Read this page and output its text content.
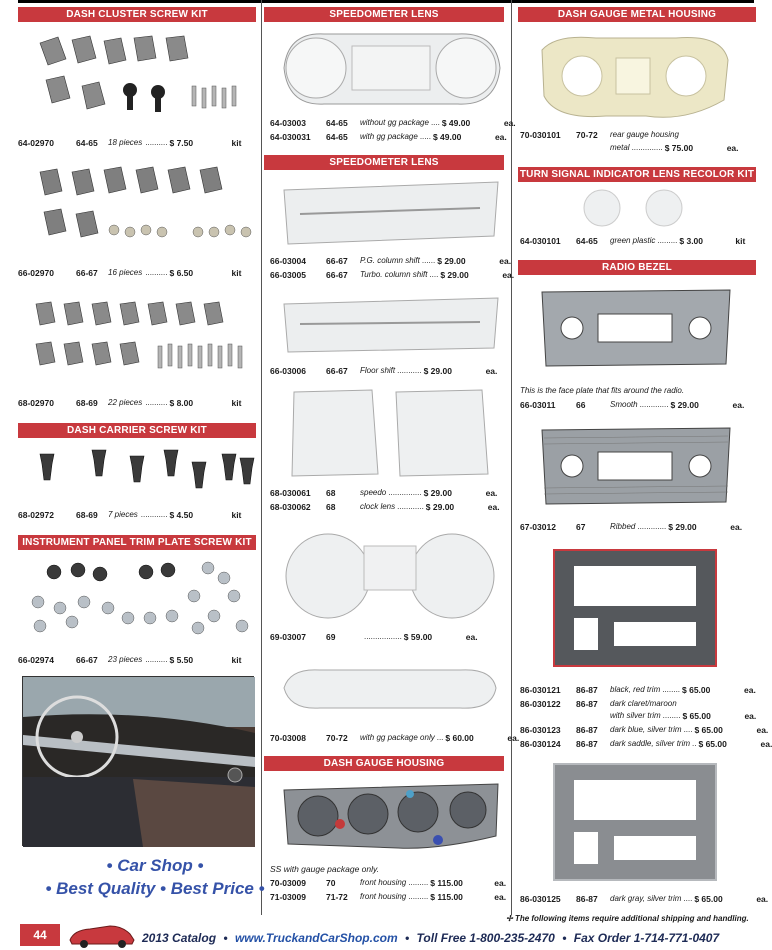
DASH CLUSTER SCREW KIT
64-02970	64-65	18 pieces .......... $ 7.50	kit
66-02970	66-67	16 pieces .......... $ 6.50	kit
68-02970	68-69	22 pieces .......... $ 8.00	kit
DASH CARRIER SCREW KIT
68-02972	68-69	7 pieces ............ $ 4.50	kit
INSTRUMENT PANEL TRIM PLATE SCREW KIT
66-02974	66-67	23 pieces .......... $ 5.50	kit
• Car Shop •
• Best Quality • Best Price •
SPEEDOMETER LENS
64-03003	64-65	without gg package .... $ 49.00	ea.
64-030031	64-65	with gg package ..... $ 49.00	ea.
SPEEDOMETER LENS
66-03004	66-67	P.G. column shift ...... $ 29.00	ea.
66-03005	66-67	Turbo. column shift .... $ 29.00	ea.
66-03006	66-67	Floor shift ........... $ 29.00	ea.
68-030061	68	speedo ............... $ 29.00	ea.
68-030062	68	clock lens ............ $ 29.00	ea.
69-03007	69	................. $ 59.00	ea.
70-03008	70-72	with gg package only ... $ 60.00	ea.
DASH GAUGE HOUSING
SS with gauge package only.
70-03009	70	front housing ......... $ 115.00	ea.
71-03009	71-72	front housing ......... $ 115.00	ea.
DASH GAUGE METAL HOUSING
70-030101	70-72	rear gauge housing
metal .............. $ 75.00	ea.
TURN SIGNAL INDICATOR LENS RECOLOR KIT
64-030101	64-65	green plastic ......... $ 3.00	kit
RADIO BEZEL
This is the face plate that fits around the radio.
66-03011	66	Smooth ............. $ 29.00	ea.
67-03012	67	Ribbed ............. $ 29.00	ea.
86-030121	86-87	black, red trim ........ $ 65.00	ea.
86-030122	86-87	dark claret/maroon
with silver trim ........ $ 65.00	ea.
86-030123	86-87	dark blue, silver trim .... $ 65.00	ea.
86-030124	86-87	dark saddle, silver trim .. $ 65.00	ea.
86-030125	86-87	dark gray, silver trim .... $ 65.00	ea.
✢ The following items require additional shipping and handling.
44	2013 Catalog • www.TruckandCarShop.com • Toll Free 1-800-235-2470 • Fax Order 1-714-771-0407
